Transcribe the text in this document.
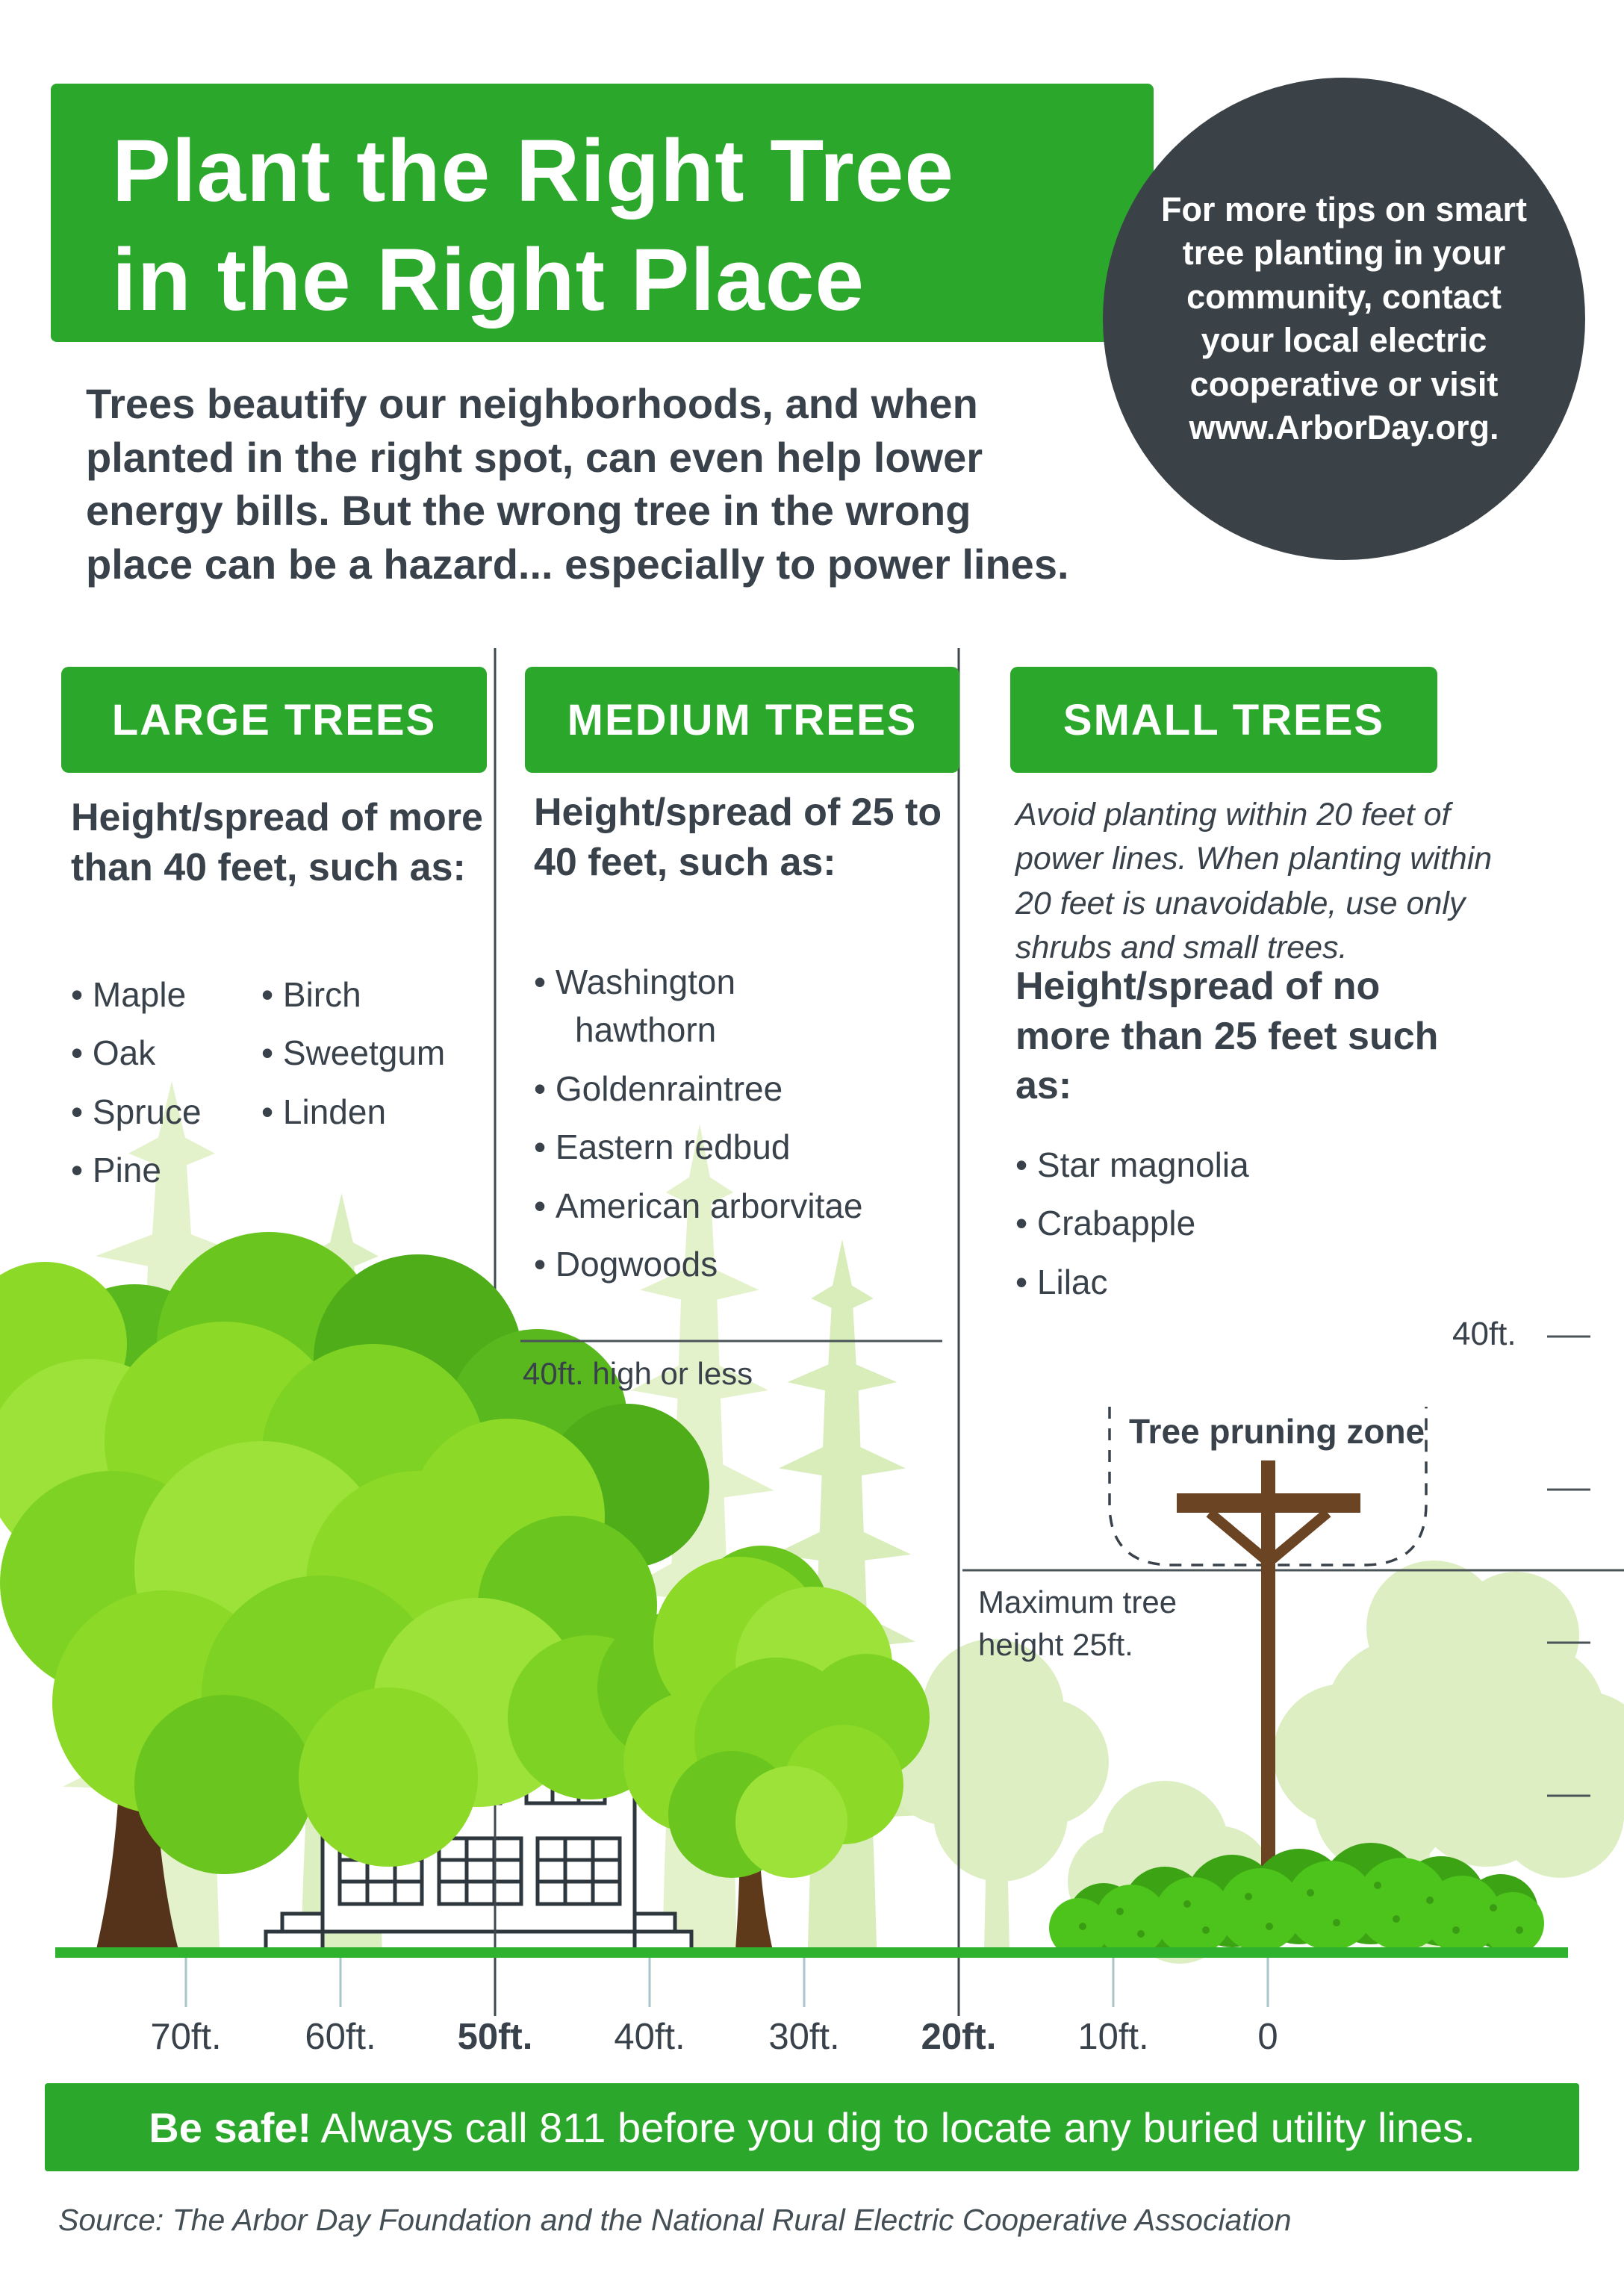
Plant the Right Tree
in the Right Place
For more tips on smart tree planting in your community, contact your local electric cooperative or visit www.ArborDay.org.
Trees beautify our neighborhoods, and when planted in the right spot, can even help lower energy bills. But the wrong tree in the wrong place can be a hazard... especially to power lines.
LARGE TREES	MEDIUM TREES	SMALL TREES
Height/spread of more than 40 feet, such as:
• Maple
• Oak
• Spruce
• Pine
• Birch
• Sweetgum
• Linden
Height/spread of 25 to 40 feet, such as:
• Washington hawthorn
• Goldenraintree
• Eastern redbud
• American arborvitae
• Dogwoods
Avoid planting within 20 feet of power lines. When planting within 20 feet is unavoidable, use only shrubs and small trees.
Height/spread of no more than 25 feet such as:
• Star magnolia
• Crabapple
• Lilac
40ft. high or less
40ft.
Tree pruning zone
Maximum tree height 25ft.
70ft.	60ft.	50ft.	40ft.	30ft.	20ft.	10ft.	0
Be safe! Always call 811 before you dig to locate any buried utility lines.
Source: The Arbor Day Foundation and the National Rural Electric Cooperative Association
